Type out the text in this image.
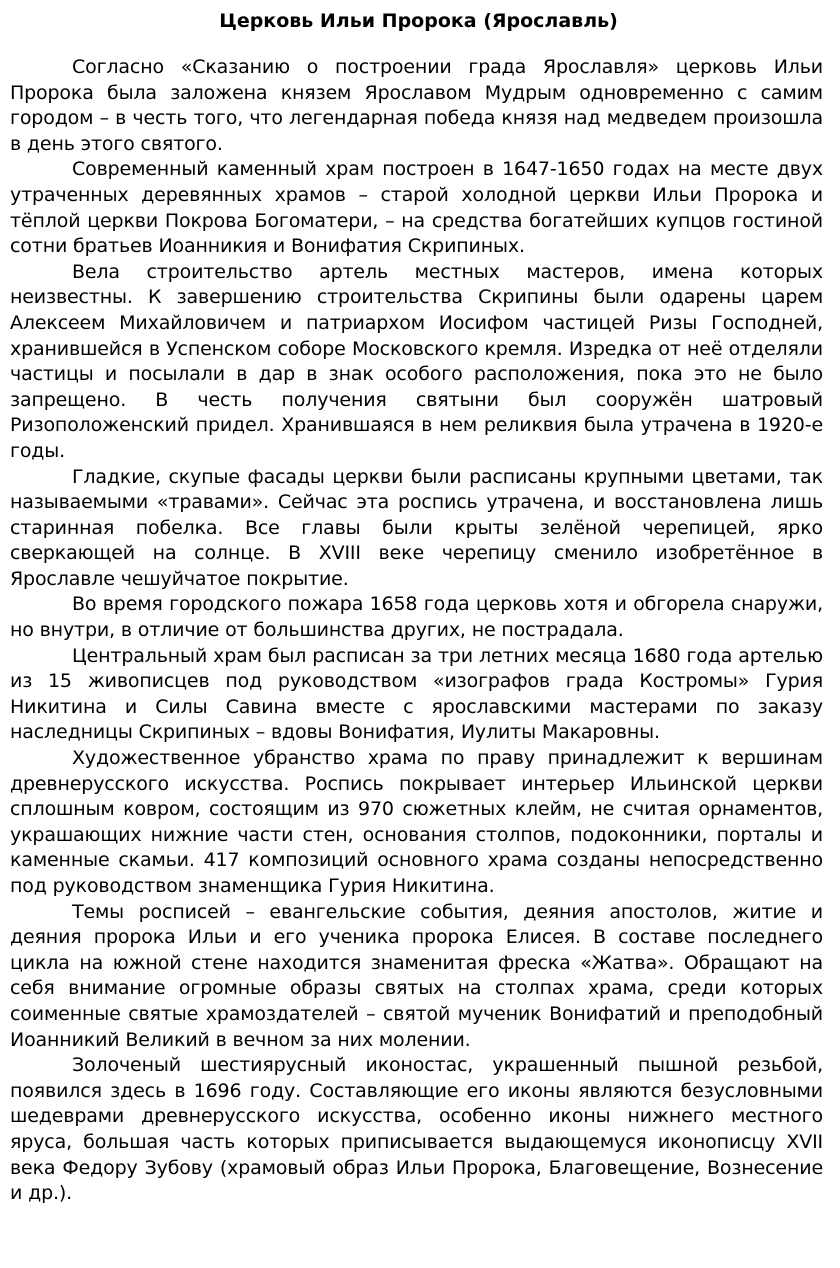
Церковь Ильи Пророка (Ярославль)

Согласно «Сказанию о построении града Ярославля» церковь Ильи Пророка была заложена князем Ярославом Мудрым одновременно с самим городом – в честь того, что легендарная победа князя над медведем произошла в день этого святого.

Современный каменный храм построен в 1647-1650 годах на месте двух утраченных деревянных храмов – старой холодной церкви Ильи Пророка и тёплой церкви Покрова Богоматери, – на средства богатейших купцов гостиной сотни братьев Иоанникия и Вонифатия Скрипиных.

Вела строительство артель местных мастеров, имена которых неизвестны. К завершению строительства Скрипины были одарены царем Алексеем Михайловичем и патриархом Иосифом частицей Ризы Господней, хранившейся в Успенском соборе Московского кремля. Изредка от неё отделяли частицы и посылали в дар в знак особого расположения, пока это не было запрещено. В честь получения святыни был сооружён шатровый Ризоположенский придел. Хранившаяся в нем реликвия была утрачена в 1920-е годы.

Гладкие, скупые фасады церкви были расписаны крупными цветами, так называемыми «травами». Сейчас эта роспись утрачена, и восстановлена лишь старинная побелка. Все главы были крыты зелёной черепицей, ярко сверкающей на солнце. В XVIII веке черепицу сменило изобретённое в Ярославле чешуйчатое покрытие.

Во время городского пожара 1658 года церковь хотя и обгорела снаружи, но внутри, в отличие от большинства других, не пострадала.

Центральный храм был расписан за три летних месяца 1680 года артелью из 15 живописцев под руководством «изографов града Костромы» Гурия Никитина и Силы Савина вместе с ярославскими мастерами по заказу наследницы Скрипиных – вдовы Вонифатия, Иулиты Макаровны.

Художественное убранство храма по праву принадлежит к вершинам древнерусского искусства. Роспись покрывает интерьер Ильинской церкви сплошным ковром, состоящим из 970 сюжетных клейм, не считая орнаментов, украшающих нижние части стен, основания столпов, подоконники, порталы и каменные скамьи. 417 композиций основного храма созданы непосредственно под руководством знаменщика Гурия Никитина.

Темы росписей – евангельские события, деяния апостолов, житие и деяния пророка Ильи и его ученика пророка Елисея. В составе последнего цикла на южной стене находится знаменитая фреска «Жатва». Обращают на себя внимание огромные образы святых на столпах храма, среди которых соименные святые храмоздателей – святой мученик Вонифатий и преподобный Иоанникий Великий в вечном за них молении.

Золоченый шестиярусный иконостас, украшенный пышной резьбой, появился здесь в 1696 году. Составляющие его иконы являются безусловными шедеврами древнерусского искусства, особенно иконы нижнего местного яруса, большая часть которых приписывается выдающемуся иконописцу XVII века Федору Зубову (храмовый образ Ильи Пророка, Благовещение, Вознесение и др.).
